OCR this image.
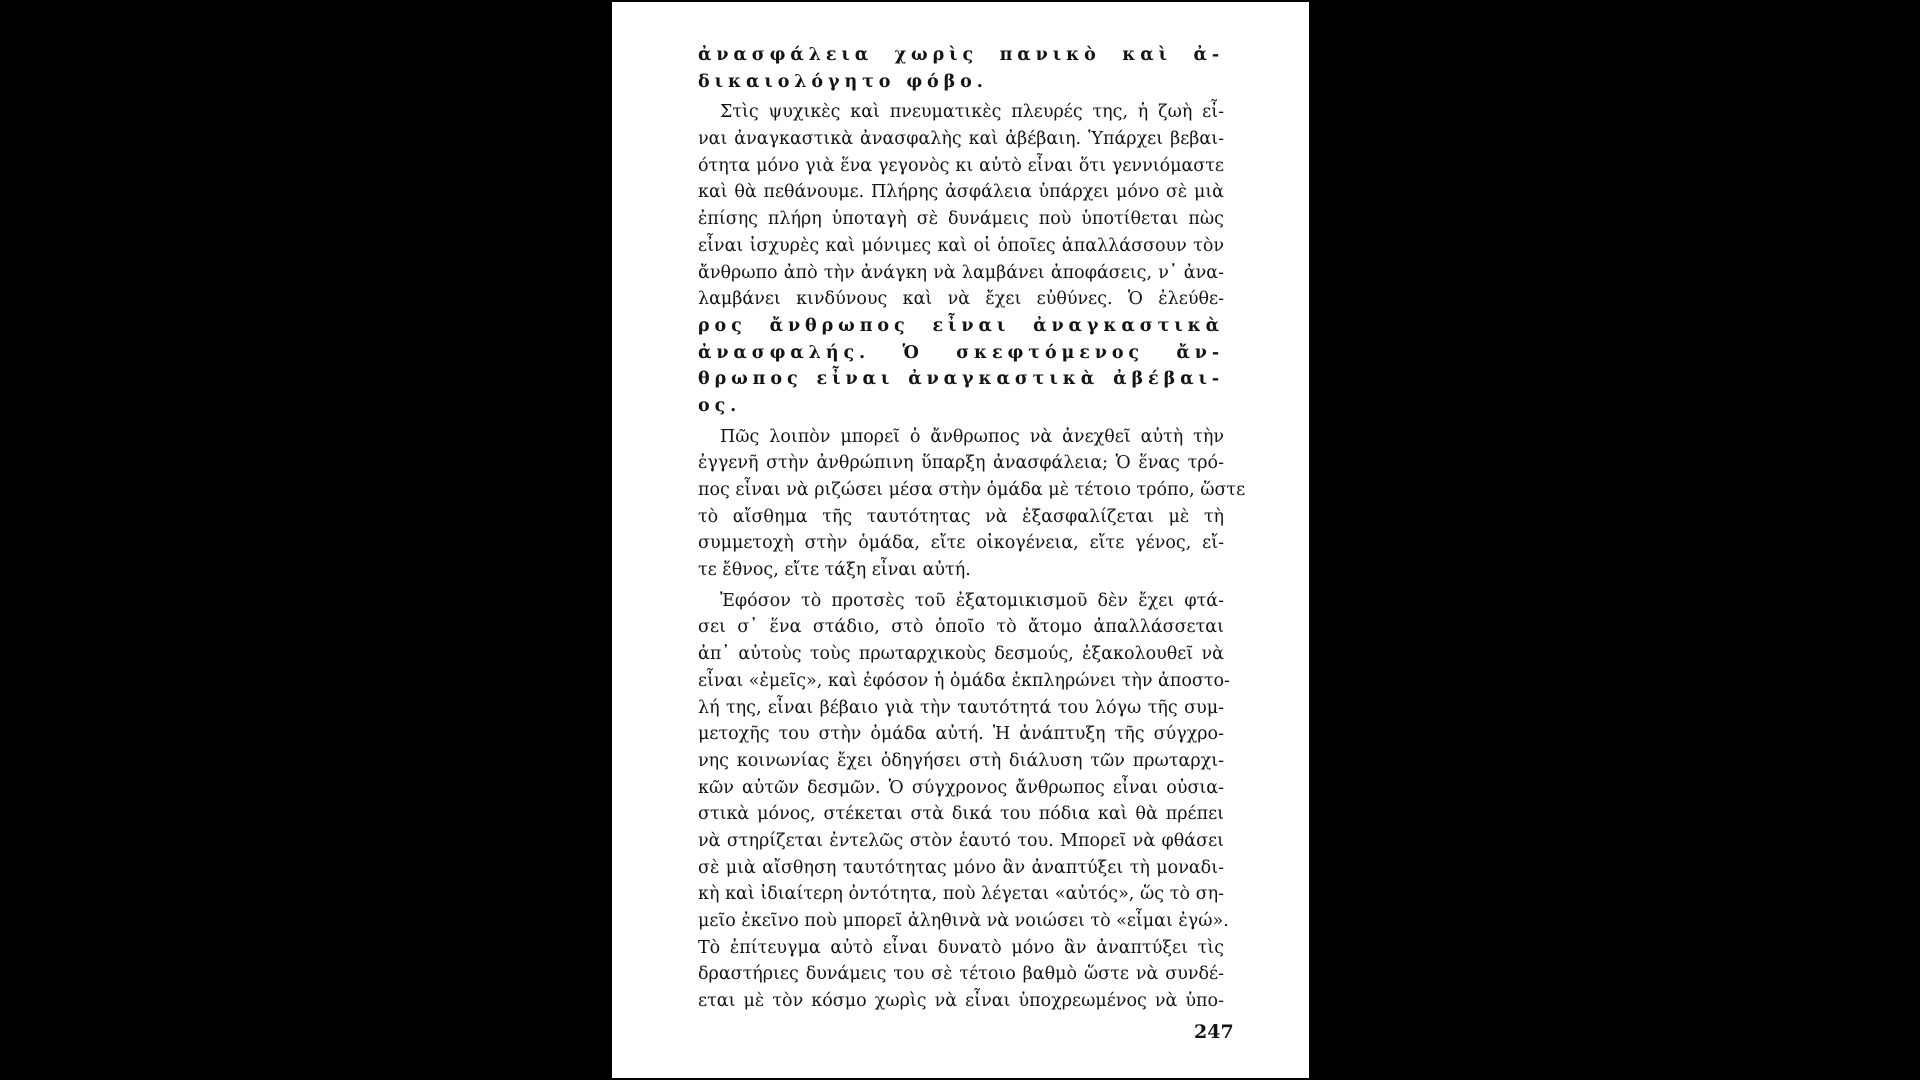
ἀνασφάλεια χωρὶς πανικὸ καὶ ἀ-
δικαιολόγητο φόβο.
Στὶς ψυχικὲς καὶ πνευματικὲς πλευρές της, ἡ ζωὴ εἶ-
ναι ἀναγκαστικὰ ἀνασφαλὴς καὶ ἀβέβαιη. Ὑπάρχει βεβαι-
ότητα μόνο γιὰ ἕνα γεγονὸς κι αὐτὸ εἶναι ὅτι γεννιόμαστε
καὶ θὰ πεθάνουμε. Πλήρης ἀσφάλεια ὑπάρχει μόνο σὲ μιὰ
ἐπίσης πλήρη ὑποταγὴ σὲ δυνάμεις ποὺ ὑποτίθεται πὼς
εἶναι ἰσχυρὲς καὶ μόνιμες καὶ οἱ ὁποῖες ἀπαλλάσσουν τὸν
ἄνθρωπο ἀπὸ τὴν ἀνάγκη νὰ λαμβάνει ἀποφάσεις, ν᾽ ἀνα-
λαμβάνει κινδύνους καὶ νὰ ἔχει εὐθύνες. Ὁ ἐλεύθε-
ρος ἄνθρωπος εἶναι ἀναγκαστικὰ
ἀνασφαλής. Ὁ σκεφτόμενος ἄν-
θρωπος εἶναι ἀναγκαστικὰ ἀβέβαι-
ος.
Πῶς λοιπὸν μπορεῖ ὁ ἄνθρωπος νὰ ἀνεχθεῖ αὐτὴ τὴν
ἐγγενῆ στὴν ἀνθρώπινη ὕπαρξη ἀνασφάλεια; Ὁ ἕνας τρό-
πος εἶναι νὰ ριζώσει μέσα στὴν ὁμάδα μὲ τέτοιο τρόπο, ὥστε
τὸ αἴσθημα τῆς ταυτότητας νὰ ἐξασφαλίζεται μὲ τὴ
συμμετοχὴ στὴν ὁμάδα, εἴτε οἰκογένεια, εἴτε γένος, εἴ-
τε ἔθνος, εἴτε τάξη εἶναι αὐτή.
Ἐφόσον τὸ προτσὲς τοῦ ἐξατομικισμοῦ δὲν ἔχει φτά-
σει σ᾽ ἕνα στάδιο, στὸ ὁποῖο τὸ ἄτομο ἀπαλλάσσεται
ἀπ᾽ αὐτοὺς τοὺς πρωταρχικοὺς δεσμούς, ἐξακολουθεῖ νὰ
εἶναι «ἐμεῖς», καὶ ἐφόσον ἡ ὁμάδα ἐκπληρώνει τὴν ἀποστο-
λή της, εἶναι βέβαιο γιὰ τὴν ταυτότητά του λόγω τῆς συμ-
μετοχῆς του στὴν ὁμάδα αὐτή. Ἡ ἀνάπτυξη τῆς σύγχρο-
νης κοινωνίας ἔχει ὁδηγήσει στὴ διάλυση τῶν πρωταρχι-
κῶν αὐτῶν δεσμῶν. Ὁ σύγχρονος ἄνθρωπος εἶναι οὐσια-
στικὰ μόνος, στέκεται στὰ δικά του πόδια καὶ θὰ πρέπει
νὰ στηρίζεται ἐντελῶς στὸν ἑαυτό του. Μπορεῖ νὰ φθάσει
σὲ μιὰ αἴσθηση ταυτότητας μόνο ἂν ἀναπτύξει τὴ μοναδι-
κὴ καὶ ἰδιαίτερη ὀντότητα, ποὺ λέγεται «αὐτός», ὥς τὸ ση-
μεῖο ἐκεῖνο ποὺ μπορεῖ ἀληθινὰ νὰ νοιώσει τὸ «εἶμαι ἐγώ».
Τὸ ἐπίτευγμα αὐτὸ εἶναι δυνατὸ μόνο ἂν ἀναπτύξει τὶς
δραστήριες δυνάμεις του σὲ τέτοιο βαθμὸ ὥστε νὰ συνδέ-
εται μὲ τὸν κόσμο χωρὶς νὰ εἶναι ὑποχρεωμένος νὰ ὑπο-
247
